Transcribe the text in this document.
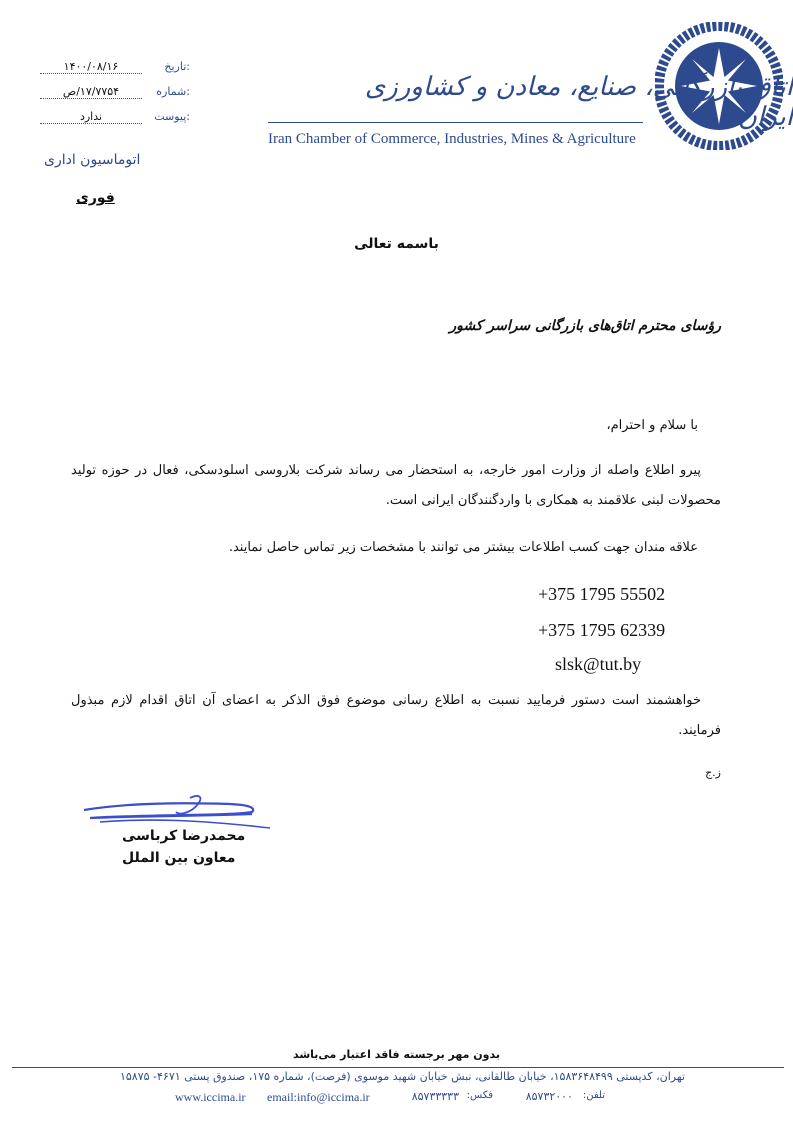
اتاق بازرگانی، صنایع، معادن و کشاورزی ایران
Iran Chamber of Commerce, Industries, Mines & Agriculture
تاریخ:
۱۴۰۰/۰۸/۱۶
شماره:
۱۷/۷۷۵۴/ص
پیوست:
ندارد
اتوماسیون اداری
فوری
باسمه تعالی
رؤسای محترم اتاق‌های بازرگانی سراسر کشور
با سلام و احترام،
پیرو اطلاع واصله از وزارت امور خارجه، به استحضار می رساند شرکت بلاروسی اسلودسکی، فعال در حوزه تولید محصولات لبنی علاقمند به همکاری با واردگنندگان ایرانی است.
علاقه مندان جهت کسب اطلاعات بیشتر می توانند با مشخصات زیر تماس حاصل نمایند.
+375 1795 55502
+375 1795 62339
slsk@tut.by
خواهشمند است دستور فرمایید نسبت به اطلاع رسانی موضوع فوق الذکر به اعضای آن اتاق اقدام لازم مبذول فرمایند.
ز.ج
محمدرضا کرباسی
معاون بین الملل
بدون مهر برجسته فاقد اعتبار می‌باشد
تهران، کدپستی ۱۵۸۳۶۴۸۴۹۹، خیابان طالقانی، نبش خیابان شهید موسوی (فرصت)، شماره ۱۷۵، صندوق پستی ۴۶۷۱- ۱۵۸۷۵
تلفن:
۸۵۷۳۲۰۰۰
فکس:
۸۵۷۳۳۳۳۳
email:info@iccima.ir
www.iccima.ir
